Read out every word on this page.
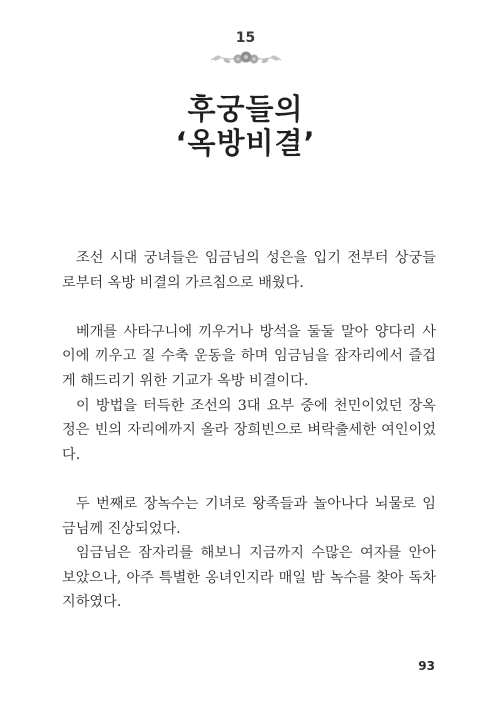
15
후궁들의
‘옥방비결’

조선 시대 궁녀들은 임금님의 성은을 입기 전부터 상궁들로부터 옥방 비결의 가르침으로 배웠다.

베개를 사타구니에 끼우거나 방석을 둘둘 말아 양다리 사이에 끼우고 질 수축 운동을 하며 임금님을 잠자리에서 즐겁게 해드리기 위한 기교가 옥방 비결이다.

이 방법을 터득한 조선의 3대 요부 중에 천민이었던 장옥정은 빈의 자리에까지 올라 장희빈으로 벼락출세한 여인이었다.

두 번째로 장녹수는 기녀로 왕족들과 놀아나다 뇌물로 임금님께 진상되었다.

임금님은 잠자리를 해보니 지금까지 수많은 여자를 안아 보았으나, 아주 특별한 옹녀인지라 매일 밤 녹수를 찾아 독차지하였다.

93
